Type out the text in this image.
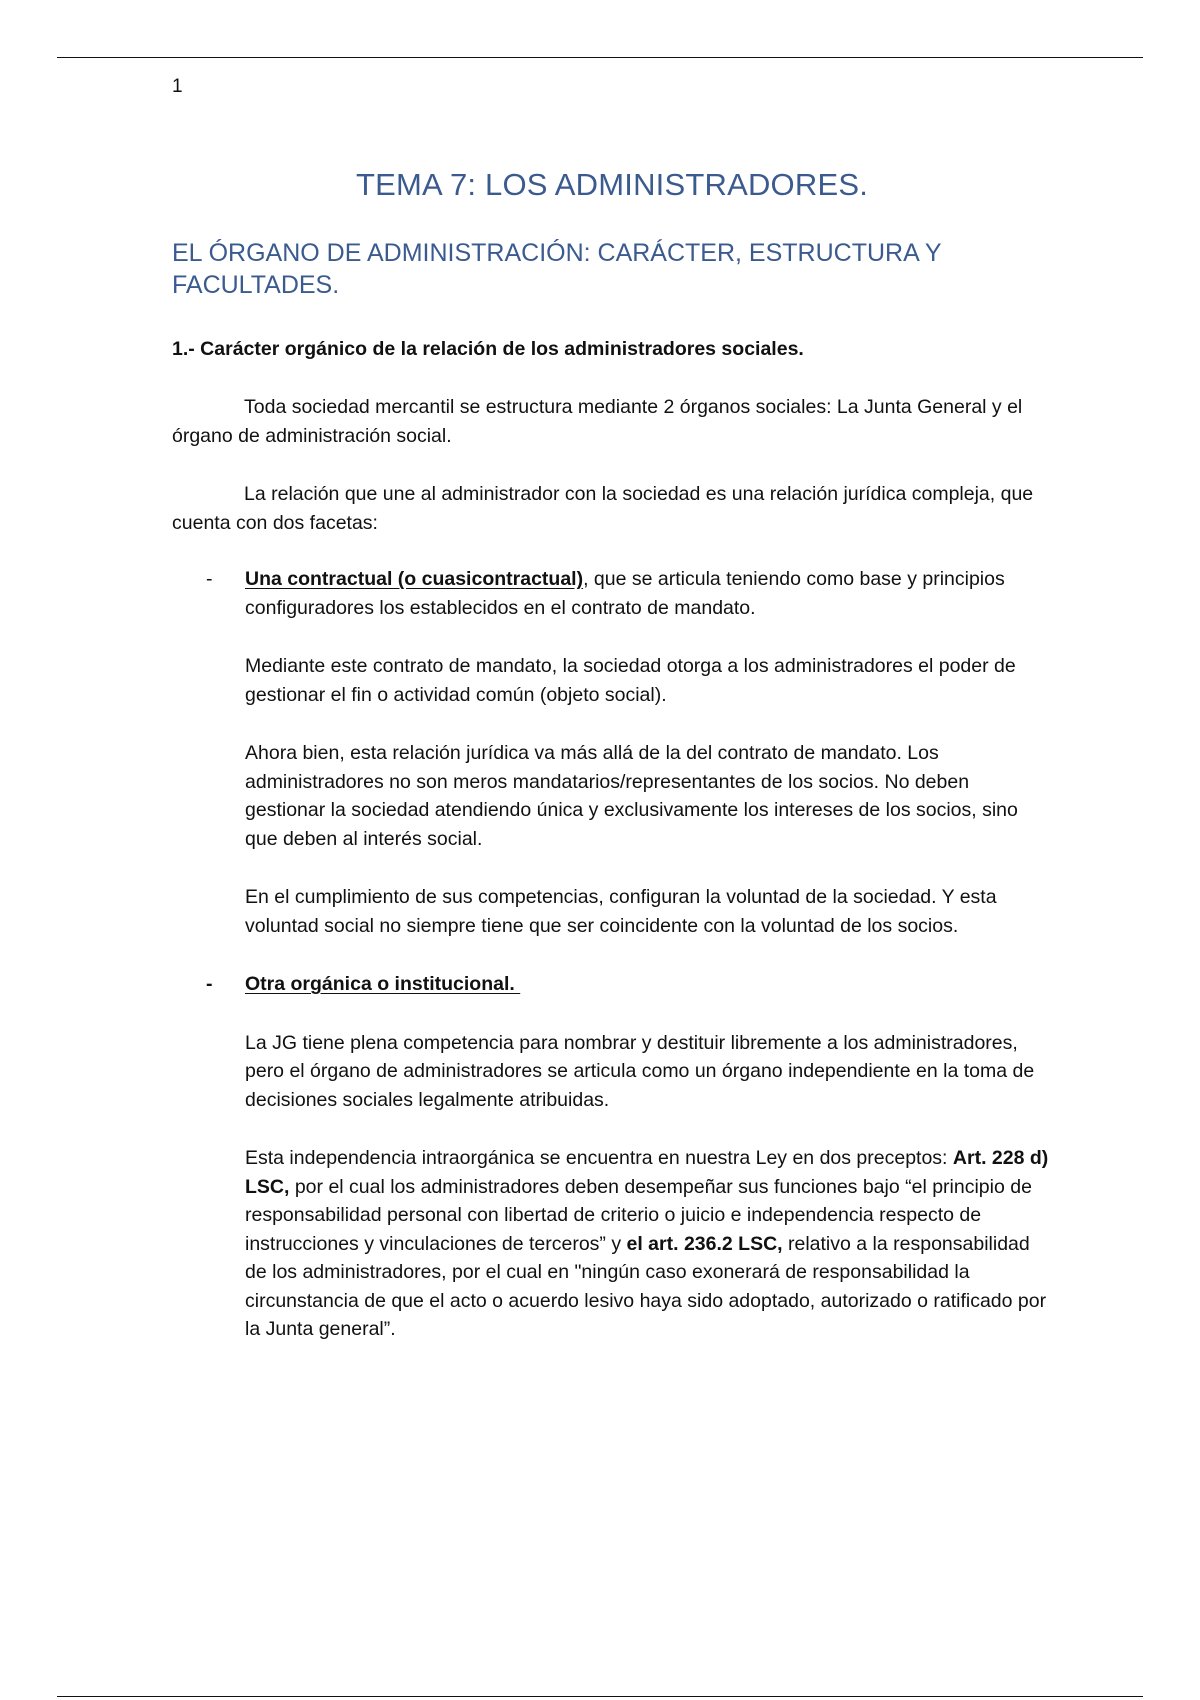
1
TEMA 7: LOS ADMINISTRADORES.
EL ÓRGANO DE ADMINISTRACIÓN: CARÁCTER, ESTRUCTURA Y FACULTADES.

1.- Carácter orgánico de la relación de los administradores sociales.

Toda sociedad mercantil se estructura mediante 2 órganos sociales: La Junta General y el órgano de administración social.

La relación que une al administrador con la sociedad es una relación jurídica compleja, que cuenta con dos facetas:

- Una contractual (o cuasicontractual), que se articula teniendo como base y principios configuradores los establecidos en el contrato de mandato.

Mediante este contrato de mandato, la sociedad otorga a los administradores el poder de gestionar el fin o actividad común (objeto social).

Ahora bien, esta relación jurídica va más allá de la del contrato de mandato. Los administradores no son meros mandatarios/representantes de los socios. No deben gestionar la sociedad atendiendo única y exclusivamente los intereses de los socios, sino que deben al interés social.

En el cumplimiento de sus competencias, configuran la voluntad de la sociedad. Y esta voluntad social no siempre tiene que ser coincidente con la voluntad de los socios.

- Otra orgánica o institucional.

La JG tiene plena competencia para nombrar y destituir libremente a los administradores, pero el órgano de administradores se articula como un órgano independiente en la toma de decisiones sociales legalmente atribuidas.

Esta independencia intraorgánica se encuentra en nuestra Ley en dos preceptos: Art. 228 d) LSC, por el cual los administradores deben desempeñar sus funciones bajo “el principio de responsabilidad personal con libertad de criterio o juicio e independencia respecto de instrucciones y vinculaciones de terceros” y el art. 236.2 LSC, relativo a la responsabilidad de los administradores, por el cual en "ningún caso exonerará de responsabilidad la circunstancia de que el acto o acuerdo lesivo haya sido adoptado, autorizado o ratificado por la Junta general”.
